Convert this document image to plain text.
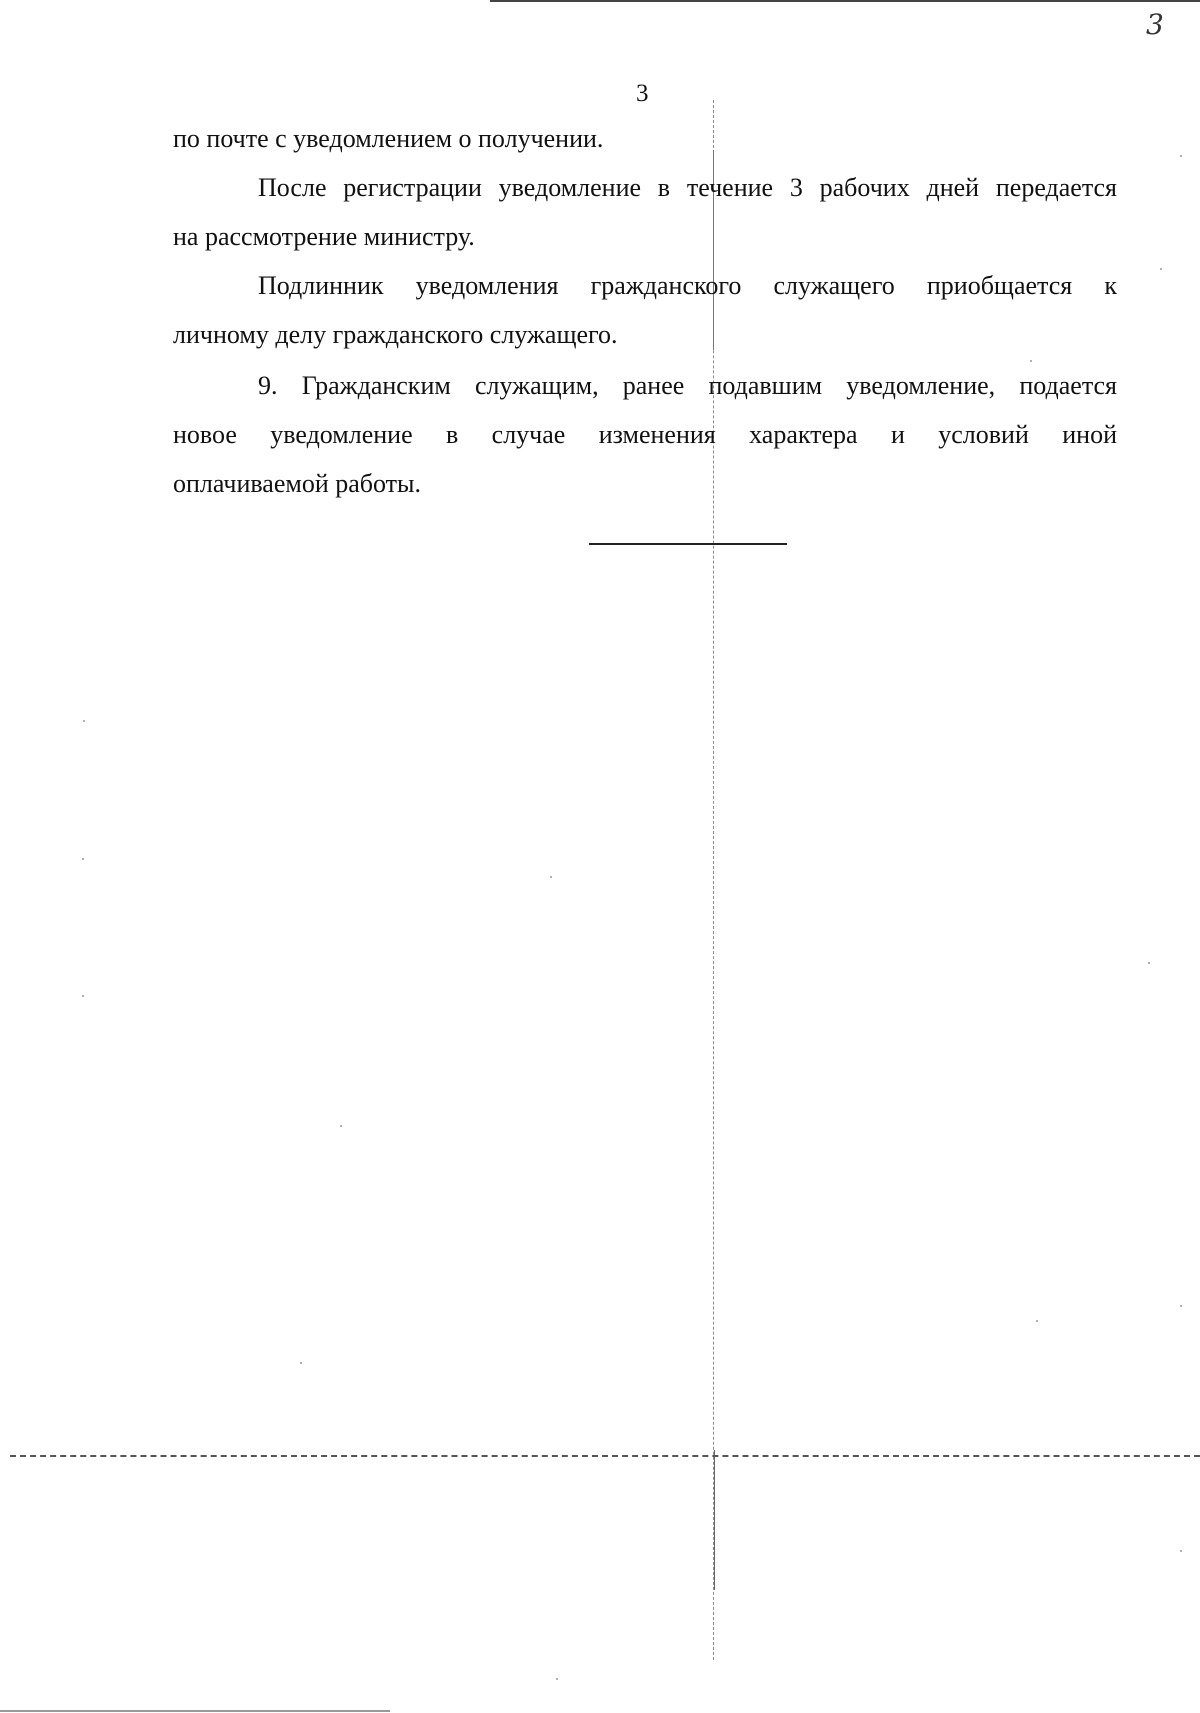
3
3
по почте с уведомлением о получении.
После регистрации уведомление в течение 3 рабочих дней передается
на рассмотрение министру.
Подлинник уведомления гражданского служащего приобщается к
личному делу гражданского служащего.
9. Гражданским служащим, ранее подавшим уведомление, подается
новое уведомление в случае изменения характера и условий иной
оплачиваемой работы.
